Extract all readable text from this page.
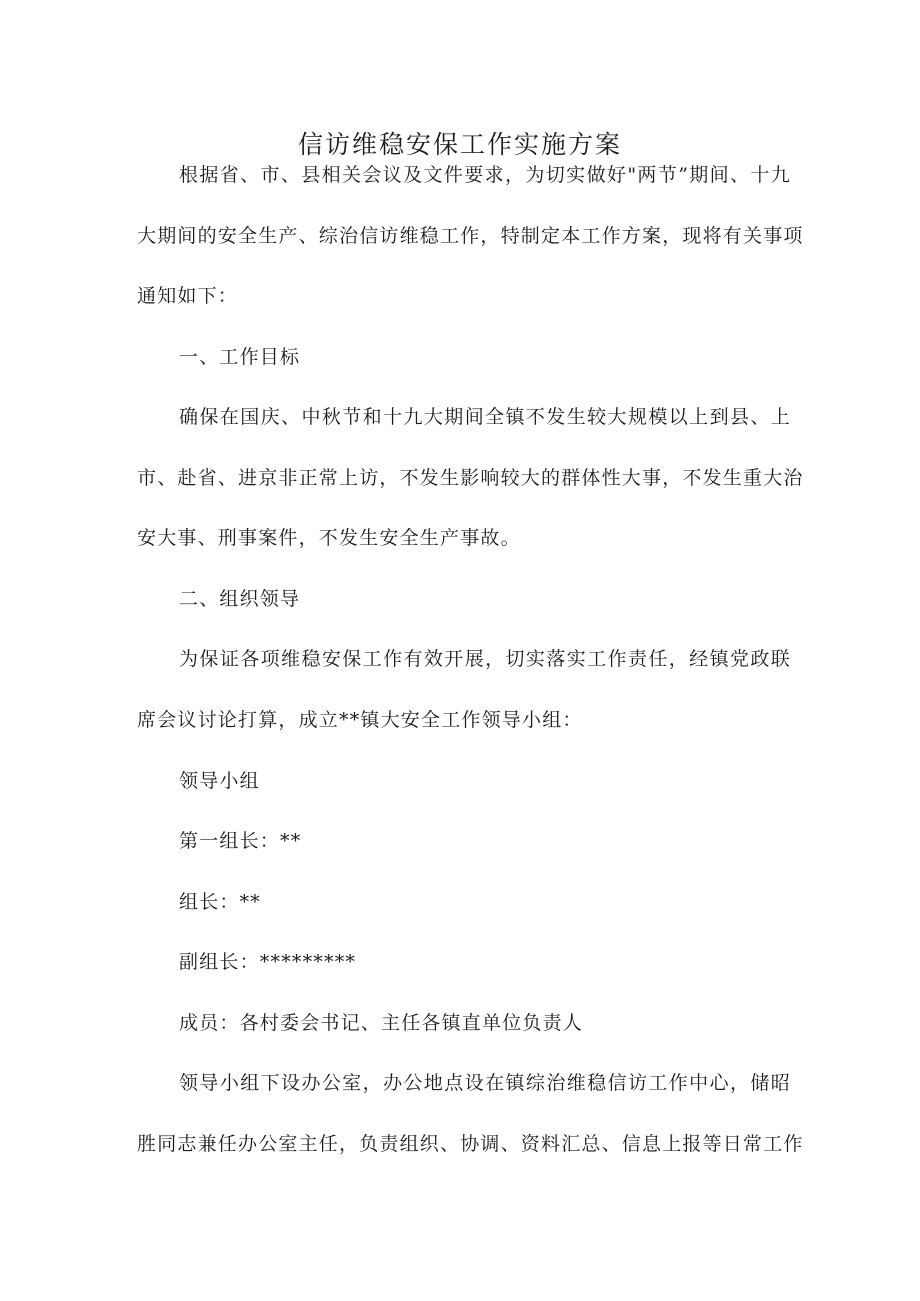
信访维稳安保工作实施方案
根据省、市、县相关会议及文件要求，为切实做好"两节”期间、十九
大期间的安全生产、综治信访维稳工作，特制定本工作方案，现将有关事项
通知如下：
一、工作目标
确保在国庆、中秋节和十九大期间全镇不发生较大规模以上到县、上
市、赴省、进京非正常上访，不发生影响较大的群体性大事，不发生重大治
安大事、刑事案件，不发生安全生产事故。
二、组织领导
为保证各项维稳安保工作有效开展，切实落实工作责任，经镇党政联
席会议讨论打算，成立**镇大安全工作领导小组：
领导小组
第一组长：**
组长：**
副组长：*********
成员：各村委会书记、主任各镇直单位负责人
领导小组下设办公室，办公地点设在镇综治维稳信访工作中心，储昭
胜同志兼任办公室主任，负责组织、协调、资料汇总、信息上报等日常工作
